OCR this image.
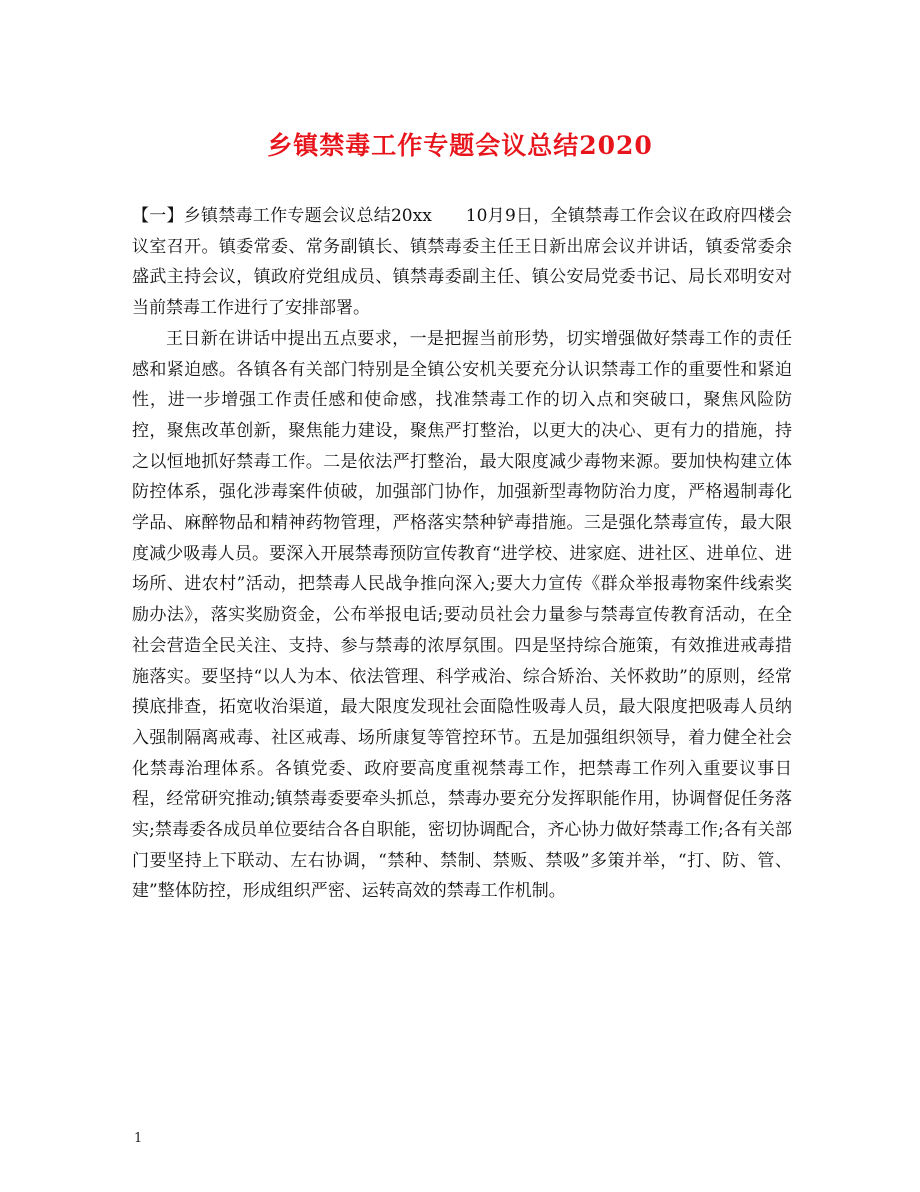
乡镇禁毒工作专题会议总结2020

【一】乡镇禁毒工作专题会议总结20xx 10月9日，全镇禁毒工作会议在政府四楼会议室召开。镇委常委、常务副镇长、镇禁毒委主任王日新出席会议并讲话，镇委常委余盛武主持会议，镇政府党组成员、镇禁毒委副主任、镇公安局党委书记、局长邓明安对当前禁毒工作进行了安排部署。

王日新在讲话中提出五点要求，一是把握当前形势，切实增强做好禁毒工作的责任感和紧迫感。各镇各有关部门特别是全镇公安机关要充分认识禁毒工作的重要性和紧迫性，进一步增强工作责任感和使命感，找准禁毒工作的切入点和突破口，聚焦风险防控，聚焦改革创新，聚焦能力建设，聚焦严打整治，以更大的决心、更有力的措施，持之以恒地抓好禁毒工作。二是依法严打整治，最大限度减少毒物来源。要加快构建立体防控体系，强化涉毒案件侦破，加强部门协作，加强新型毒物防治力度，严格遏制毒化学品、麻醉物品和精神药物管理，严格落实禁种铲毒措施。三是强化禁毒宣传，最大限度减少吸毒人员。要深入开展禁毒预防宣传教育“进学校、进家庭、进社区、进单位、进场所、进农村”活动，把禁毒人民战争推向深入;要大力宣传《群众举报毒物案件线索奖励办法》，落实奖励资金，公布举报电话;要动员社会力量参与禁毒宣传教育活动，在全社会营造全民关注、支持、参与禁毒的浓厚氛围。四是坚持综合施策，有效推进戒毒措施落实。要坚持“以人为本、依法管理、科学戒治、综合矫治、关怀救助”的原则，经常摸底排查，拓宽收治渠道，最大限度发现社会面隐性吸毒人员，最大限度把吸毒人员纳入强制隔离戒毒、社区戒毒、场所康复等管控环节。五是加强组织领导，着力健全社会化禁毒治理体系。各镇党委、政府要高度重视禁毒工作，把禁毒工作列入重要议事日程，经常研究推动;镇禁毒委要牵头抓总，禁毒办要充分发挥职能作用，协调督促任务落实;禁毒委各成员单位要结合各自职能，密切协调配合，齐心协力做好禁毒工作;各有关部门要坚持上下联动、左右协调，“禁种、禁制、禁贩、禁吸”多策并举，“打、防、管、建”整体防控，形成组织严密、运转高效的禁毒工作机制。

1
